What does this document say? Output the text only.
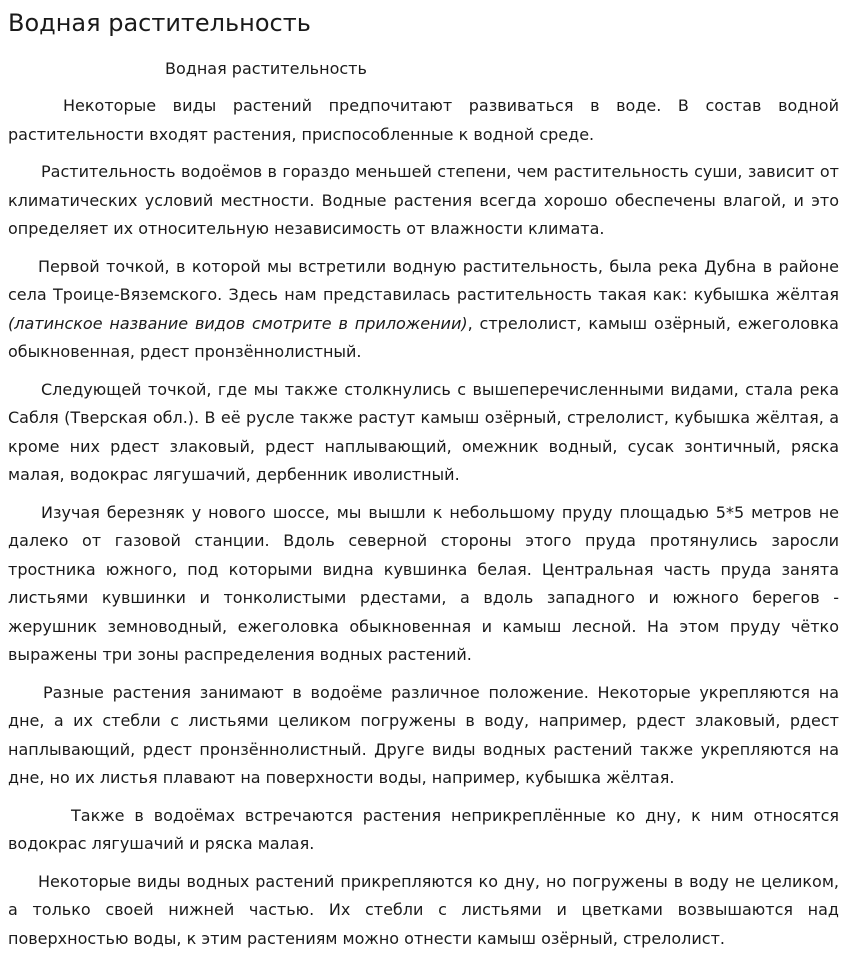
Водная растительность
Водная растительность

Некоторые виды растений предпочитают развиваться в воде. В состав водной растительности входят растения, приспособленные к водной среде.

Растительность водоёмов в гораздо меньшей степени, чем растительность суши, зависит от климатических условий местности. Водные растения всегда хорошо обеспечены влагой, и это определяет их относительную независимость от влажности климата.

Первой точкой, в которой мы встретили водную растительность, была река Дубна в районе села Троице-Вяземского. Здесь нам представилась растительность такая как: кубышка жёлтая (латинское название видов смотрите в приложении), стрелолист, камыш озёрный, ежеголовка обыкновенная, рдест пронзённолистный.

Следующей точкой, где мы также столкнулись с вышеперечисленными видами, стала река Сабля (Тверская обл.). В её русле также растут камыш озёрный, стрелолист, кубышка жёлтая, а кроме них рдест злаковый, рдест наплывающий, омежник водный, сусак зонтичный, ряска малая, водокрас лягушачий, дербенник иволистный.

Изучая березняк у нового шоссе, мы вышли к небольшому пруду площадью 5*5 метров не далеко от газовой станции. Вдоль северной стороны этого пруда протянулись заросли тростника южного, под которыми видна кувшинка белая. Центральная часть пруда занята листьями кувшинки и тонколистыми рдестами, а вдоль западного и южного берегов - жерушник земноводный, ежеголовка обыкновенная и камыш лесной. На этом пруду чётко выражены три зоны распределения водных растений.

Разные растения занимают в водоёме различное положение. Некоторые укрепляются на дне, а их стебли с листьями целиком погружены в воду, например, рдест злаковый, рдест наплывающий, рдест пронзённолистный. Друге виды водных растений также укрепляются на дне, но их листья плавают на поверхности воды, например, кубышка жёлтая.

Также в водоёмах встречаются растения неприкреплённые ко дну, к ним относятся водокрас лягушачий и ряска малая.

Некоторые виды водных растений прикрепляются ко дну, но погружены в воду не целиком, а только своей нижней частью. Их стебли с листьями и цветками возвышаются над поверхностью воды, к этим растениям можно отнести камыш озёрный, стрелолист.
